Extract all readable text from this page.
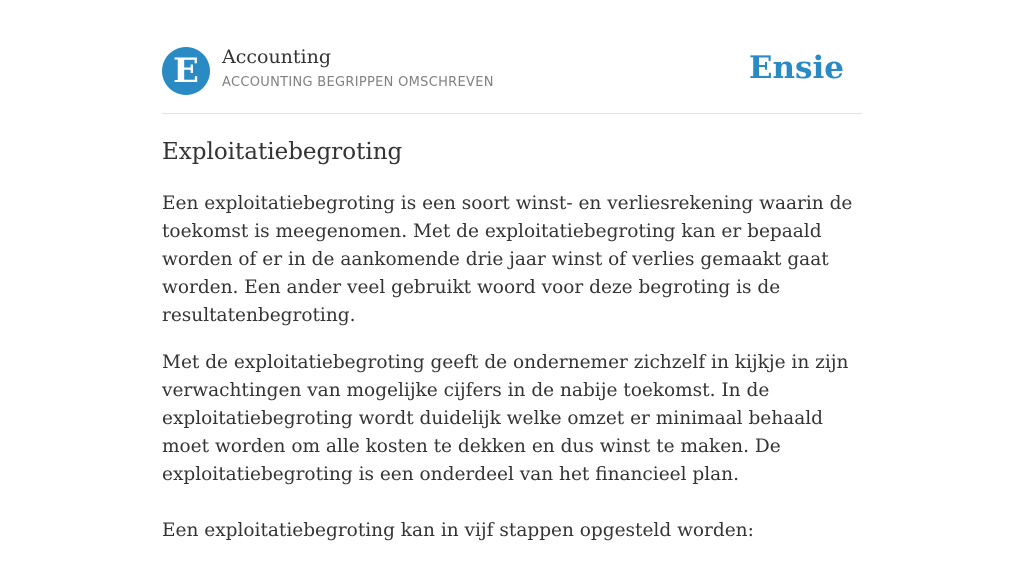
E	Accounting
ACCOUNTING BEGRIPPEN OMSCHREVEN	Ensie
Exploitatiebegroting

Een exploitatiebegroting is een soort winst- en verliesrekening waarin de toekomst is meegenomen. Met de exploitatiebegroting kan er bepaald worden of er in de aankomende drie jaar winst of verlies gemaakt gaat worden. Een ander veel gebruikt woord voor deze begroting is de resultatenbegroting.

Met de exploitatiebegroting geeft de ondernemer zichzelf in kijkje in zijn verwachtingen van mogelijke cijfers in de nabije toekomst. In de exploitatiebegroting wordt duidelijk welke omzet er minimaal behaald moet worden om alle kosten te dekken en dus winst te maken. De exploitatiebegroting is een onderdeel van het financieel plan.

Een exploitatiebegroting kan in vijf stappen opgesteld worden:
